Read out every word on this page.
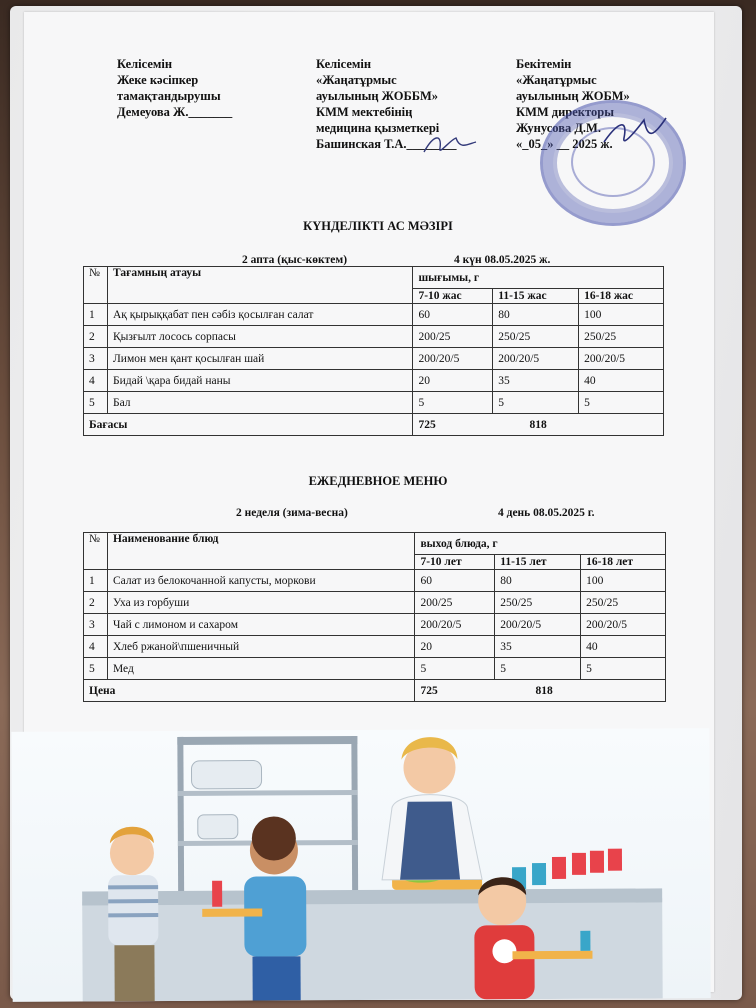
Келісемін
Жеке кәсіпкер
тамақтандырушы
Демеуова Ж._______
Келісемін
«Жаңатұрмыс
ауылының ЖОББМ»
КММ мектебінің
медицина қызметкері
Башинская Т.А.________
Бекітемін
«Жаңатұрмыс
ауылының ЖОБМ»
КММ директоры
Жунусова Д.М.
«_05_» __ 2025 ж.
КҮНДЕЛІКТІ АС МӘЗІРІ
2 апта (қыс-көктем)	4 күн 08.05.2025 ж.
№	Тағамның атауы	шығымы, г		
		7-10 жас	11-15 жас	16-18 жас
1	Ақ қырыққабат пен сәбіз қосылған салат	60	80	100
2	Қызғылт лосось сорпасы	200/25	250/25	250/25
3	Лимон мен қант қосылған шай	200/20/5	200/20/5	200/20/5
4	Бидай \қара бидай наны	20	35	40
5	Бал	5	5	5
Бағасы		725 818		
ЕЖЕДНЕВНОЕ МЕНЮ
2 неделя (зима-весна)	4 день 08.05.2025 г.
№	Наименование блюд	выход блюда, г		
		7-10 лет	11-15 лет	16-18 лет
1	Салат из белокочанной капусты, моркови	60	80	100
2	Уха из горбуши	200/25	250/25	250/25
3	Чай с лимоном и сахаром	200/20/5	200/20/5	200/20/5
4	Хлеб ржаной\пшеничный	20	35	40
5	Мед	5	5	5
Цена		725 818		
